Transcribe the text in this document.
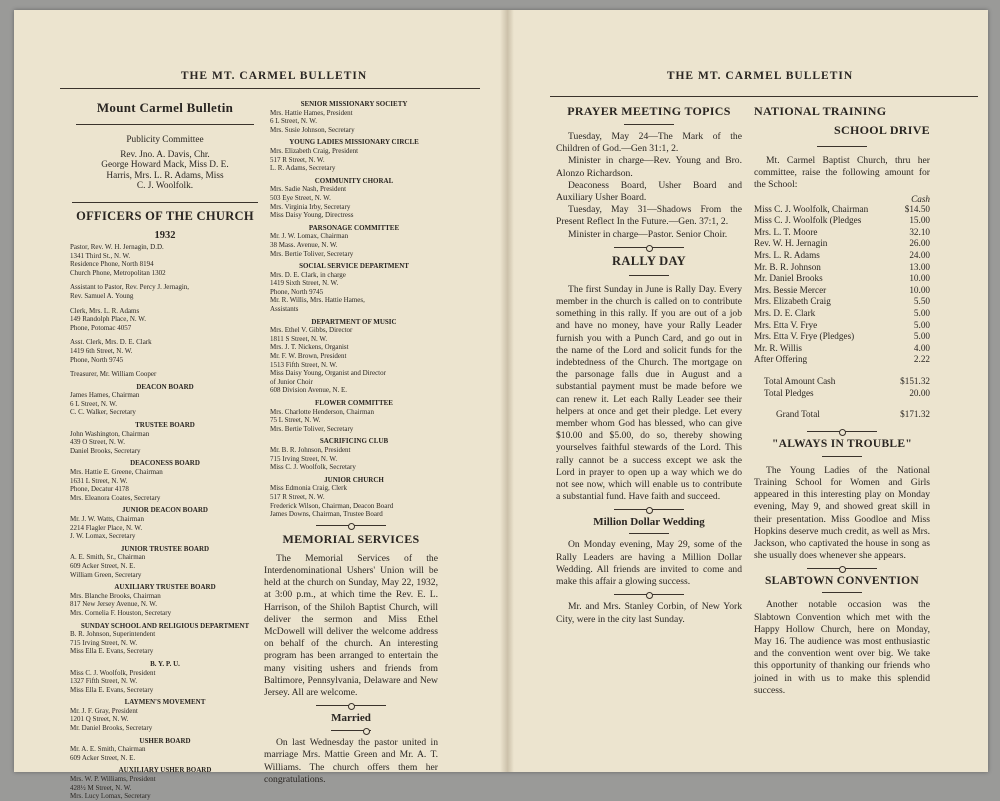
THE MT. CARMEL BULLETIN
Mount Carmel Bulletin
Publicity Committee
Rev. Jno. A. Davis, Chr.
George Howard Mack, Miss D. E.
Harris, Mrs. L. R. Adams, Miss
C. J. Woolfolk.
OFFICERS OF THE CHURCH
1932
Pastor, Rev. W. H. Jernagin, D.D.
1341 Third St., N. W.
Residence Phone, North 8194
Church Phone, Metropolitan 1302
Assistant to Pastor, Rev. Percy J. Jernagin,
Rev. Samuel A. Young
Clerk, Mrs. L. R. Adams
149 Randolph Place, N. W.
Phone, Potomac 4057
Asst. Clerk, Mrs. D. E. Clark
1419 6th Street, N. W.
Phone, North 9745
Treasurer, Mr. William Cooper
DEACON BOARD
James Hames, Chairman
6 L Street, N. W.
C. C. Walker, Secretary
TRUSTEE BOARD
John Washington, Chairman
439 O Street, N. W.
Daniel Brooks, Secretary
DEACONESS BOARD
Mrs. Hattie E. Greene, Chairman
1631 L Street, N. W.
Phone, Decatur 4178
Mrs. Eleanora Coates, Secretary
JUNIOR DEACON BOARD
Mr. J. W. Watts, Chairman
2214 Flagler Place, N. W.
J. W. Lomax, Secretary
JUNIOR TRUSTEE BOARD
A. E. Smith, Sr., Chairman
609 Acker Street, N. E.
William Green, Secretary
AUXILIARY TRUSTEE BOARD
Mrs. Blanche Brooks, Chairman
817 New Jersey Avenue, N. W.
Mrs. Cornelia F. Houston, Secretary
SUNDAY SCHOOL AND RELIGIOUS DEPARTMENT
B. R. Johnson, Superintendent
715 Irving Street, N. W.
Miss Ella E. Evans, Secretary
B. Y. P. U.
Miss C. J. Woolfolk, President
1327 Fifth Street, N. W.
Miss Ella E. Evans, Secretary
LAYMEN'S MOVEMENT
Mr. J. F. Gray, President
1201 Q Street, N. W.
Mr. Daniel Brooks, Secretary
USHER BOARD
Mr. A. E. Smith, Chairman
609 Acker Street, N. E.
AUXILIARY USHER BOARD
Mrs. W. P. Williams, President
428½ M Street, N. W.
Mrs. Lucy Lomax, Secretary
SENIOR MISSIONARY SOCIETY
Mrs. Hattie Hames, President
6 L Street, N. W.
Mrs. Susie Johnson, Secretary
YOUNG LADIES MISSIONARY CIRCLE
Mrs. Elizabeth Craig, President
517 R Street, N. W.
L. R. Adams, Secretary
COMMUNITY CHORAL
Mrs. Sadie Nash, President
503 Eye Street, N. W.
Mrs. Virginia Irby, Secretary
Miss Daisy Young, Directress
PARSONAGE COMMITTEE
Mr. J. W. Lomax, Chairman
38 Mass. Avenue, N. W.
Mrs. Bertie Toliver, Secretary
SOCIAL SERVICE DEPARTMENT
Mrs. D. E. Clark, in charge
1419 Sixth Street, N. W.
Phone, North 9745
Mr. R. Willis, Mrs. Hattie Hames,
Assistants
DEPARTMENT OF MUSIC
Mrs. Ethel V. Gibbs, Director
1811 S Street, N. W.
Mrs. J. T. Nickens, Organist
Mr. F. W. Brown, President
1513 Fifth Street, N. W.
Miss Daisy Young, Organist and Director
of Junior Choir
608 Division Avenue, N. E.
FLOWER COMMITTEE
Mrs. Charlotte Henderson, Chairman
75 L Street, N. W.
Mrs. Bertie Toliver, Secretary
SACRIFICING CLUB
Mr. B. R. Johnson, President
715 Irving Street, N. W.
Miss C. J. Woolfolk, Secretary
JUNIOR CHURCH
Miss Edmonia Craig, Clerk
517 R Street, N. W.
Frederick Wilson, Chairman, Deacon Board
James Downs, Chairman, Trustee Board
MEMORIAL SERVICES
The Memorial Services of the Interdenominational Ushers' Union will be held at the church on Sunday, May 22, 1932, at 3:00 p.m., at which time the Rev. E. L. Harrison, of the Shiloh Baptist Church, will deliver the sermon and Miss Ethel McDowell will deliver the welcome address on behalf of the church. An interesting program has been arranged to entertain the many visiting ushers and friends from Baltimore, Pennsylvania, Delaware and New Jersey. All are welcome.
Married
On last Wednesday the pastor united in marriage Mrs. Mattie Green and Mr. A. T. Williams. The church offers them her congratulations.
THE MT. CARMEL BULLETIN
PRAYER MEETING TOPICS
Tuesday, May 24—The Mark of the Children of God.—Gen 31:1, 2.
Minister in charge—Rev. Young and Bro. Alonzo Richardson.
Deaconess Board, Usher Board and Auxiliary Usher Board.
Tuesday, May 31—Shadows From the Present Reflect In the Future.—Gen. 37:1, 2.
Minister in charge—Pastor. Senior Choir.
RALLY DAY
The first Sunday in June is Rally Day. Every member in the church is called on to contribute something in this rally. If you are out of a job and have no money, have your Rally Leader furnish you with a Punch Card, and go out in the name of the Lord and solicit funds for the indebtedness of the Church. The mortgage on the parsonage falls due in August and a substantial payment must be made before we can renew it. Let each Rally Leader see their helpers at once and get their pledge. Let every member whom God has blessed, who can give $10.00 and $5.00, do so, thereby showing yourselves faithful stewards of the Lord. This rally cannot be a success except we ask the Lord in prayer to open up a way which we do not see now, which will enable us to contribute a substantial fund. Have faith and succeed.
Million Dollar Wedding
On Monday evening, May 29, some of the Rally Leaders are having a Million Dollar Wedding. All friends are invited to come and make this affair a glowing success.
Mr. and Mrs. Stanley Corbin, of New York City, were in the city last Sunday.
NATIONAL TRAINING
SCHOOL DRIVE
Mt. Carmel Baptist Church, thru her committee, raise the following amount for the School:
Cash
Miss C. J. Woolfolk, Chairman	$14.50
Miss C. J. Woolfolk (Pledges	15.00
Mrs. L. T. Moore	32.10
Rev. W. H. Jernagin	26.00
Mrs. L. R. Adams	24.00
Mr. B. R. Johnson	13.00
Mr. Daniel Brooks	10.00
Mrs. Bessie Mercer	10.00
Mrs. Elizabeth Craig	5.50
Mrs. D. E. Clark	5.00
Mrs. Etta V. Frye	5.00
Mrs. Etta V. Frye (Pledges)	5.00
Mr. R. Willis	4.00
After Offering	2.22
Total Amount Cash	$151.32
Total Pledges	20.00
Grand Total	$171.32
"ALWAYS IN TROUBLE"
The Young Ladies of the National Training School for Women and Girls appeared in this interesting play on Monday evening, May 9, and showed great skill in their presentation. Miss Goodloe and Miss Hopkins deserve much credit, as well as Mrs. Jackson, who captivated the house in song as she usually does whenever she appears.
SLABTOWN CONVENTION
Another notable occasion was the Slabtown Convention which met with the Happy Hollow Church, here on Monday, May 16. The audience was most enthusiastic and the convention went over big. We take this opportunity of thanking our friends who joined in with us to make this splendid success.
